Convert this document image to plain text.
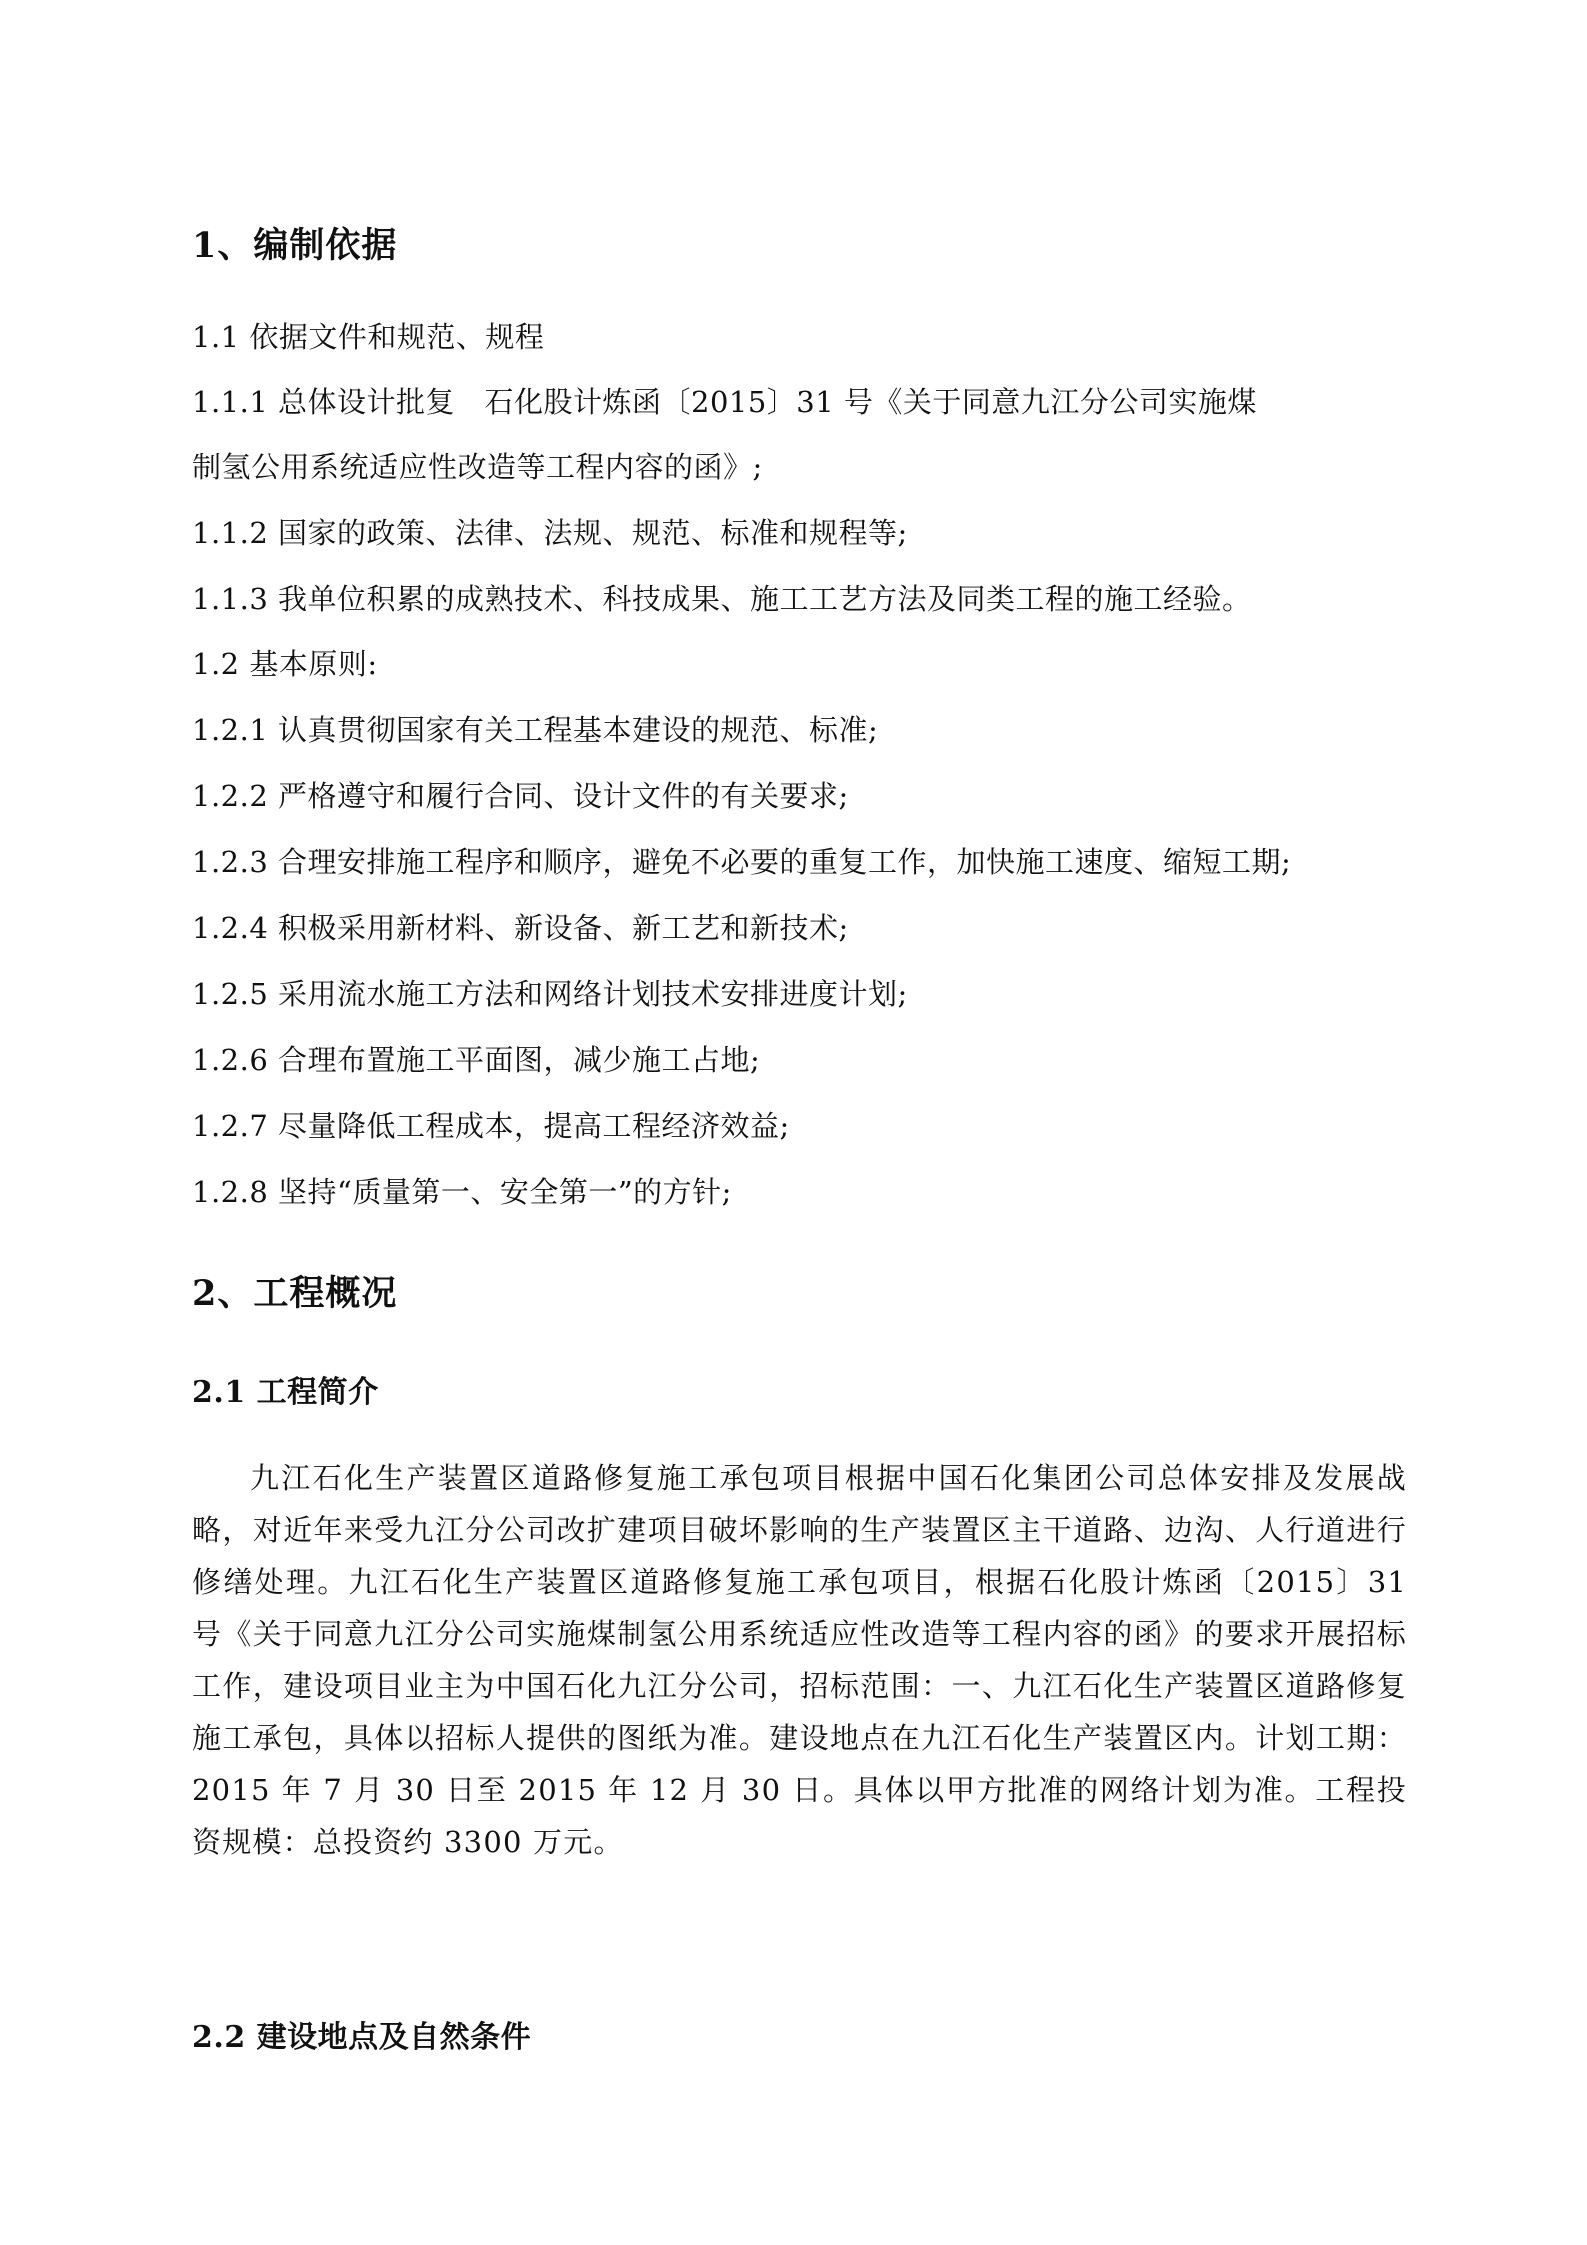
1、编制依据
1.1 依据文件和规范、规程
1.1.1 总体设计批复　石化股计炼函〔2015〕31 号《关于同意九江分公司实施煤
制氢公用系统适应性改造等工程内容的函》;
1.1.2 国家的政策、法律、法规、规范、标准和规程等;
1.1.3 我单位积累的成熟技术、科技成果、施工工艺方法及同类工程的施工经验。
1.2 基本原则:
1.2.1 认真贯彻国家有关工程基本建设的规范、标准;
1.2.2 严格遵守和履行合同、设计文件的有关要求;
1.2.3 合理安排施工程序和顺序，避免不必要的重复工作，加快施工速度、缩短工期;
1.2.4 积极采用新材料、新设备、新工艺和新技术;
1.2.5 采用流水施工方法和网络计划技术安排进度计划;
1.2.6 合理布置施工平面图，减少施工占地;
1.2.7 尽量降低工程成本，提高工程经济效益;
1.2.8 坚持“质量第一、安全第一”的方针;
2、工程概况
2.1 工程简介
九江石化生产装置区道路修复施工承包项目根据中国石化集团公司总体安排及发展战略，对近年来受九江分公司改扩建项目破坏影响的生产装置区主干道路、边沟、人行道进行修缮处理。九江石化生产装置区道路修复施工承包项目，根据石化股计炼函〔2015〕31 号《关于同意九江分公司实施煤制氢公用系统适应性改造等工程内容的函》的要求开展招标工作，建设项目业主为中国石化九江分公司，招标范围：一、九江石化生产装置区道路修复施工承包，具体以招标人提供的图纸为准。建设地点在九江石化生产装置区内。计划工期：2015 年 7 月 30 日至 2015 年 12 月 30 日。具体以甲方批准的网络计划为准。工程投资规模：总投资约 3300 万元。
2.2 建设地点及自然条件
